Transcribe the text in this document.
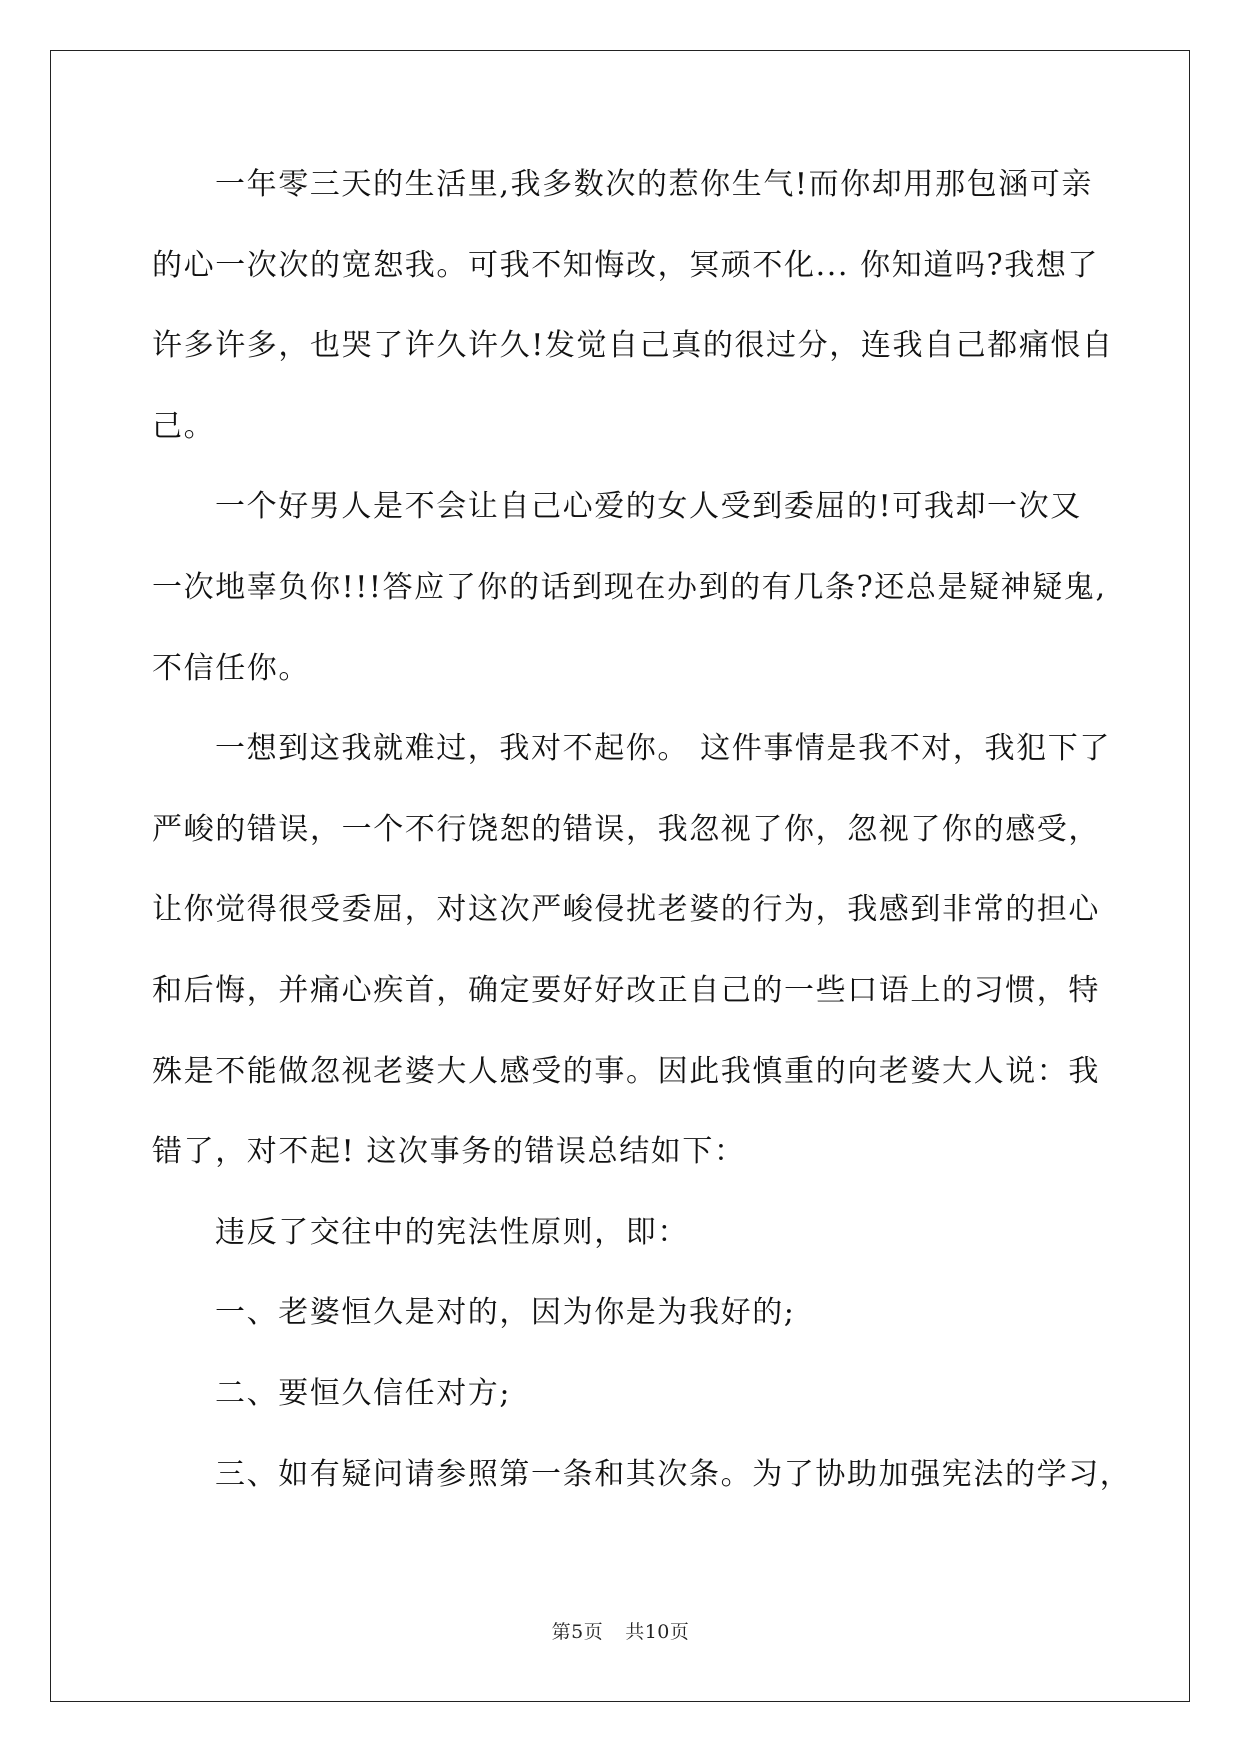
一年零三天的生活里,我多数次的惹你生气!而你却用那包涵可亲
的心一次次的宽恕我。可我不知悔改，冥顽不化... 你知道吗?我想了
许多许多，也哭了许久许久!发觉自己真的很过分，连我自己都痛恨自
己。
一个好男人是不会让自己心爱的女人受到委屈的!可我却一次又
一次地辜负你!!!答应了你的话到现在办到的有几条?还总是疑神疑鬼,
不信任你。
一想到这我就难过，我对不起你。 这件事情是我不对，我犯下了
严峻的错误，一个不行饶恕的错误，我忽视了你，忽视了你的感受，
让你觉得很受委屈，对这次严峻侵扰老婆的行为，我感到非常的担心
和后悔，并痛心疾首，确定要好好改正自己的一些口语上的习惯，特
殊是不能做忽视老婆大人感受的事。因此我慎重的向老婆大人说：我
错了，对不起! 这次事务的错误总结如下：
违反了交往中的宪法性原则，即：
一、老婆恒久是对的，因为你是为我好的;
二、要恒久信任对方;
三、如有疑问请参照第一条和其次条。为了协助加强宪法的学习，
第5页 共10页
